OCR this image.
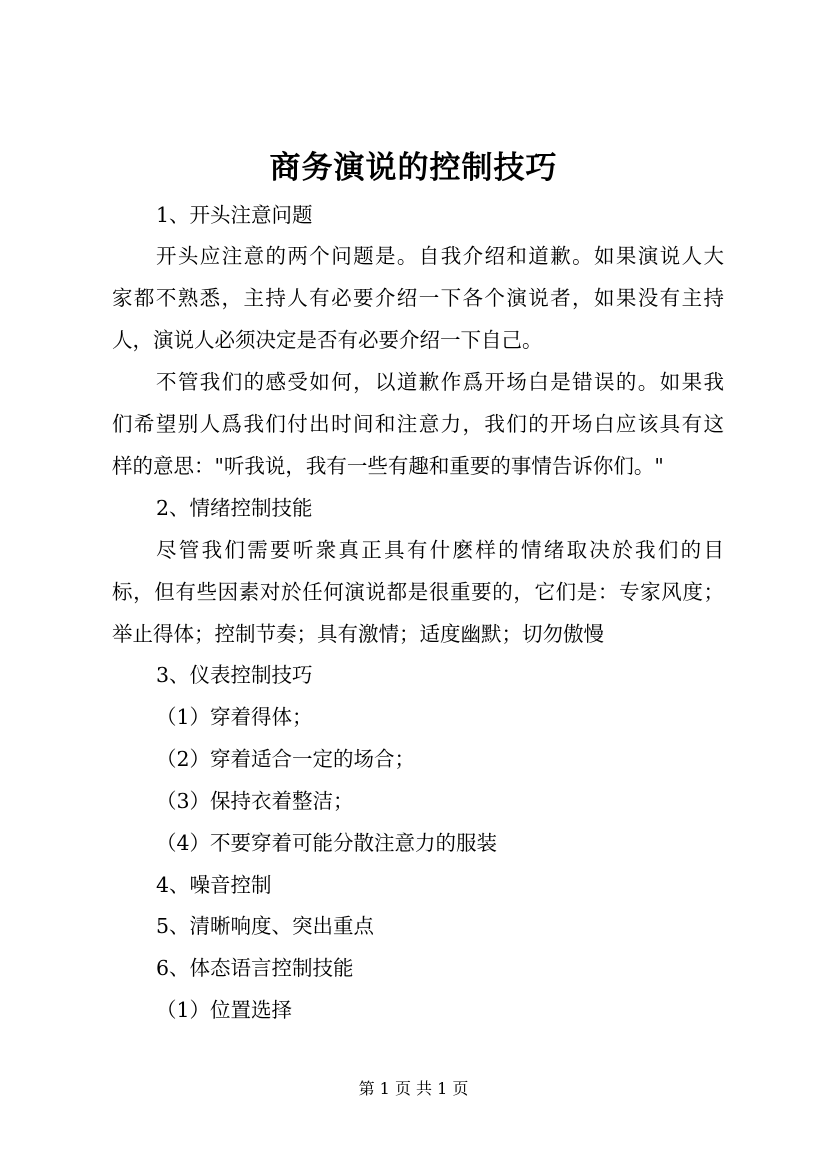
商务演说的控制技巧
1、开头注意问题
开头应注意的两个问题是。自我介绍和道歉。如果演说人大
家都不熟悉，主持人有必要介绍一下各个演说者，如果没有主持
人，演说人必须决定是否有必要介绍一下自己。
不管我们的感受如何，以道歉作爲开场白是错误的。如果我
们希望别人爲我们付出时间和注意力，我们的开场白应该具有这
样的意思："听我说，我有一些有趣和重要的事情告诉你们。"
2、情绪控制技能
尽管我们需要听衆真正具有什麽样的情绪取决於我们的目
标，但有些因素对於任何演说都是很重要的，它们是：专家风度；
举止得体；控制节奏；具有激情；适度幽默；切勿傲慢
3、仪表控制技巧
（1）穿着得体；
（2）穿着适合一定的场合；
（3）保持衣着整洁；
（4）不要穿着可能分散注意力的服装
4、噪音控制
5、清晰响度、突出重点
6、体态语言控制技能
（1）位置选择
第 1 页 共 1 页
